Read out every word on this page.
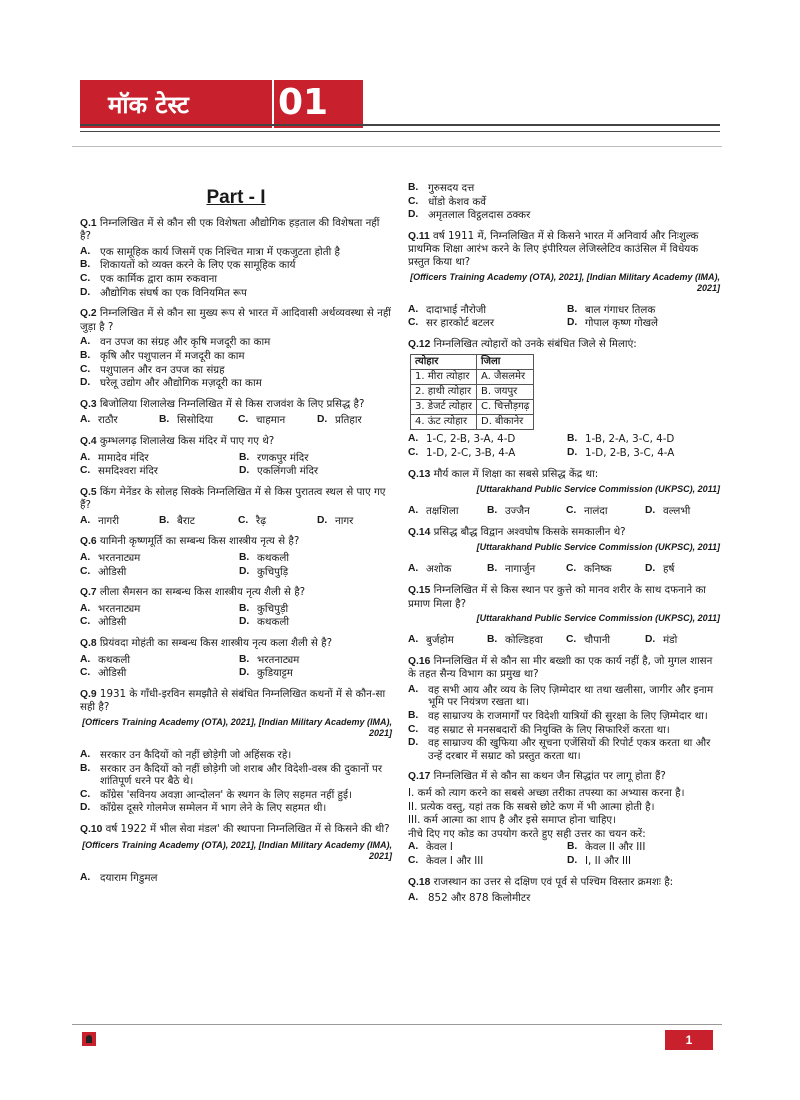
मॉक टेस्ट 01
Part - I
Q.1 निम्नलिखित में से कौन सी एक विशेषता औद्योगिक हड़ताल की विशेषता नहीं है?
A. एक सामूहिक कार्य जिसमें एक निश्चित मात्रा में एकजुटता होती है
B. शिकायतों को व्यक्त करने के लिए एक सामूहिक कार्य
C. एक कार्मिक द्वारा काम रुकवाना
D. औद्योगिक संघर्ष का एक विनियमित रूप
Q.2 निम्नलिखित में से कौन सा मुख्य रूप से भारत में आदिवासी अर्थव्यवस्था से नहीं जुड़ा है ?
A. वन उपज का संग्रह और कृषि मजदूरी का काम
B. कृषि और पशुपालन में मजदूरी का काम
C. पशुपालन और वन उपज का संग्रह
D. घरेलू उद्योग और औद्योगिक मज़दूरी का काम
Q.3 बिजोलिया शिलालेख निम्नलिखित में से किस राजवंश के लिए प्रसिद्ध है?
A. राठौर	B. सिसोदिया	C. चाहमान	D. प्रतिहार
Q.4 कुम्भलगढ़ शिलालेख किस मंदिर में पाए गए थे?
A. मामादेव मंदिर	B. रणकपुर मंदिर
C. समदिश्वरा मंदिर	D. एकलिंगजी मंदिर
Q.5 किंग मेनेंडर के सोलह सिक्के निम्नलिखित में से किस पुरातत्व स्थल से पाए गए हैं?
A. नागरी	B. बैराट	C. रैढ़	D. नागर
Q.6 यामिनी कृष्णमूर्ति का सम्बन्ध किस शास्त्रीय नृत्य से है?
A. भरतनाट्यम	B. कथकली
C. ओडिसी	D. कुचिपुड़ि
Q.7 लीला सैमसन का सम्बन्ध किस शास्त्रीय नृत्य शैली से है?
A. भरतनाट्यम	B. कुचिपुड़ी
C. ओडिसी	D. कथकली
Q.8 प्रियंवदा मोहंती का सम्बन्ध किस शास्त्रीय नृत्य कला शैली से है?
A. कथकली	B. भरतनाट्यम
C. ओडिसी	D. कुडियाट्टम
Q.9 1931 के गाँधी-इरविन समझौते से संबंधित निम्नलिखित कथनों में से कौन-सा सही है?
[Officers Training Academy (OTA), 2021], [Indian Military Academy (IMA), 2021]
A. सरकार उन कैदियों को नहीं छोड़ेगी जो अहिंसक रहे।
B. सरकार उन कैदियों को नहीं छोड़ेगी जो शराब और विदेशी-वस्त्र की दुकानों पर शांतिपूर्ण धरने पर बैठे थे।
C. कॉंग्रेस 'सविनय अवज्ञा आन्दोलन' के स्थगन के लिए सहमत नहीं हुई।
D. कॉंग्रेस दूसरे गोलमेज सम्मेलन में भाग लेने के लिए सहमत थी।
Q.10 वर्ष 1922 में भील सेवा मंडल' की स्थापना निम्नलिखित में से किसने की थी?
[Officers Training Academy (OTA), 2021], [Indian Military Academy (IMA), 2021]
A. दयाराम गिडुमल
B. गुरुसदय दत्त
C. धोंडो केशव कर्वे
D. अमृतलाल विट्ठलदास ठक्कर
Q.11 वर्ष 1911 में, निम्नलिखित में से किसने भारत में अनिवार्य और निःशुल्क प्राथमिक शिक्षा आरंभ करने के लिए इंपीरियल लेजिस्लेटिव काउंसिल में विधेयक प्रस्तुत किया था?
[Officers Training Academy (OTA), 2021], [Indian Military Academy (IMA), 2021]
A. दादाभाई नौरोजी	B. बाल गंगाधर तिलक
C. सर हारकोर्ट बटलर	D. गोपाल कृष्ण गोखले
Q.12 निम्नलिखित त्योहारों को उनके संबंधित जिले से मिलाएं:
त्योहार	जिला
1. मीरा त्योहार	A. जैसलमेर
2. हाथी त्योहार	B. जयपुर
3. डेजर्ट त्योहार	C. चित्तौड़गढ़
4. ऊंट त्योहार	D. बीकानेर
A. 1-C, 2-B, 3-A, 4-D	B. 1-B, 2-A, 3-C, 4-D
C. 1-D, 2-C, 3-B, 4-A	D. 1-D, 2-B, 3-C, 4-A
Q.13 मौर्य काल में शिक्षा का सबसे प्रसिद्ध केंद्र था:
[Uttarakhand Public Service Commission (UKPSC), 2011]
A. तक्षशिला	B. उज्जैन	C. नालंदा	D. वल्लभी
Q.14 प्रसिद्ध बौद्ध विद्वान अश्वघोष किसके समकालीन थे?
[Uttarakhand Public Service Commission (UKPSC), 2011]
A. अशोक	B. नागार्जुन	C. कनिष्क	D. हर्ष
Q.15 निम्नलिखित में से किस स्थान पर कुत्ते को मानव शरीर के साथ दफनाने का प्रमाण मिला है?
[Uttarakhand Public Service Commission (UKPSC), 2011]
A. बुर्जहोम	B. कोल्डिहवा	C. चौपानी	D. मंडो
Q.16 निम्नलिखित में से कौन सा मीर बख्शी का एक कार्य नहीं है, जो मुगल शासन के तहत सैन्य विभाग का प्रमुख था?
A. वह सभी आय और व्यय के लिए ज़िम्मेदार था तथा खलीसा, जागीर और इनाम भूमि पर नियंत्रण रखता था।
B. वह साम्राज्य के राजमार्गों पर विदेशी यात्रियों की सुरक्षा के लिए ज़िम्मेदार था।
C. वह सम्राट से मनसबदारों की नियुक्ति के लिए सिफारिशें करता था।
D. वह साम्राज्य की खुफिया और सूचना एजेंसियों की रिपोर्ट एकत्र करता था और उन्हें दरबार में सम्राट को प्रस्तुत करता था।
Q.17 निम्नलिखित में से कौन सा कथन जैन सिद्धांत पर लागू होता हैं?
I. कर्म को त्याग करने का सबसे अच्छा तरीका तपस्या का अभ्यास करना है।
II. प्रत्येक वस्तु, यहां तक कि सबसे छोटे कण में भी आत्मा होती है।
III. कर्म आत्मा का शाप है और इसे समाप्त होना चाहिए।
नीचे दिए गए कोड का उपयोग करते हुए सही उत्तर का चयन करें:
A. केवल I	B. केवल II और III
C. केवल I और III	D. I, II और III
Q.18 राजस्थान का उत्तर से दक्षिण एवं पूर्व से पश्चिम विस्तार क्रमशः है:
A. 852 और 878 किलोमीटर
1
